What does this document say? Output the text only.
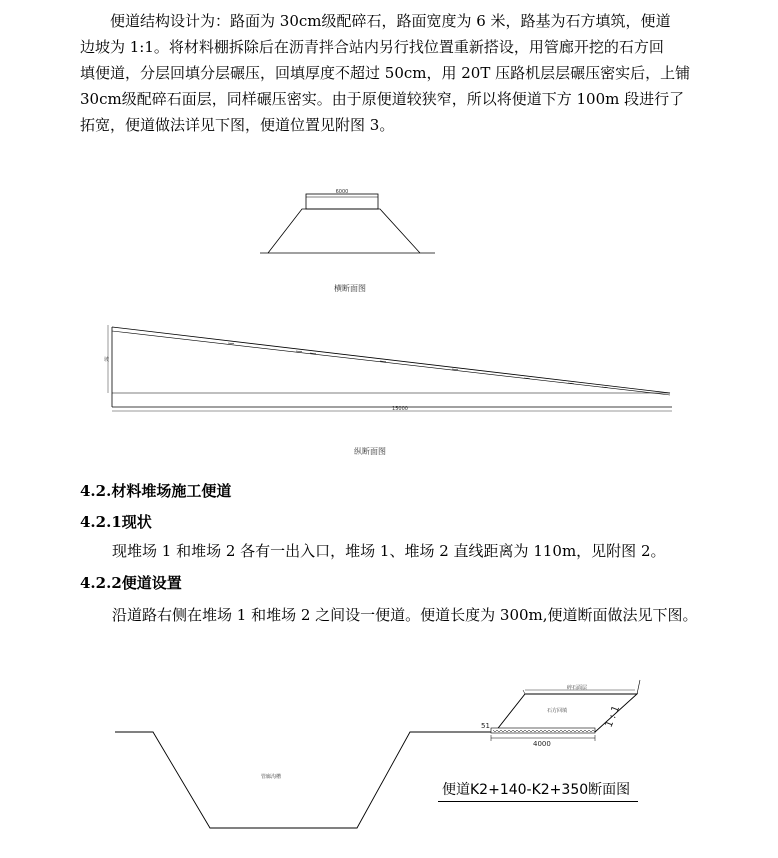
便道结构设计为：路面为 30cm级配碎石，路面宽度为 6 米，路基为石方填筑，便道
边坡为 1:1。将材料棚拆除后在沥青拌合站内另行找位置重新搭设，用管廊开挖的石方回
填便道，分层回填分层碾压，回填厚度不超过 50cm，用 20T 压路机层层碾压密实后，上铺
30cm级配碎石面层，同样碾压密实。由于原便道较狭窄，所以将便道下方 100m 段进行了
拓宽，便道做法详见下图，便道位置见附图 3。
6000
横断面图
坡
15000
纵断面图
4.2.材料堆场施工便道
4.2.1现状
现堆场 1 和堆场 2 各有一出入口，堆场 1、堆场 2 直线距离为 110m，见附图 2。
4.2.2便道设置
沿道路右侧在堆场 1 和堆场 2 之间设一便道。便道长度为 300m,便道断面做法见下图。
管廊沟槽
碎石面层
石方回填
51
4000
1 : 1
便道K2+140-K2+350断面图
